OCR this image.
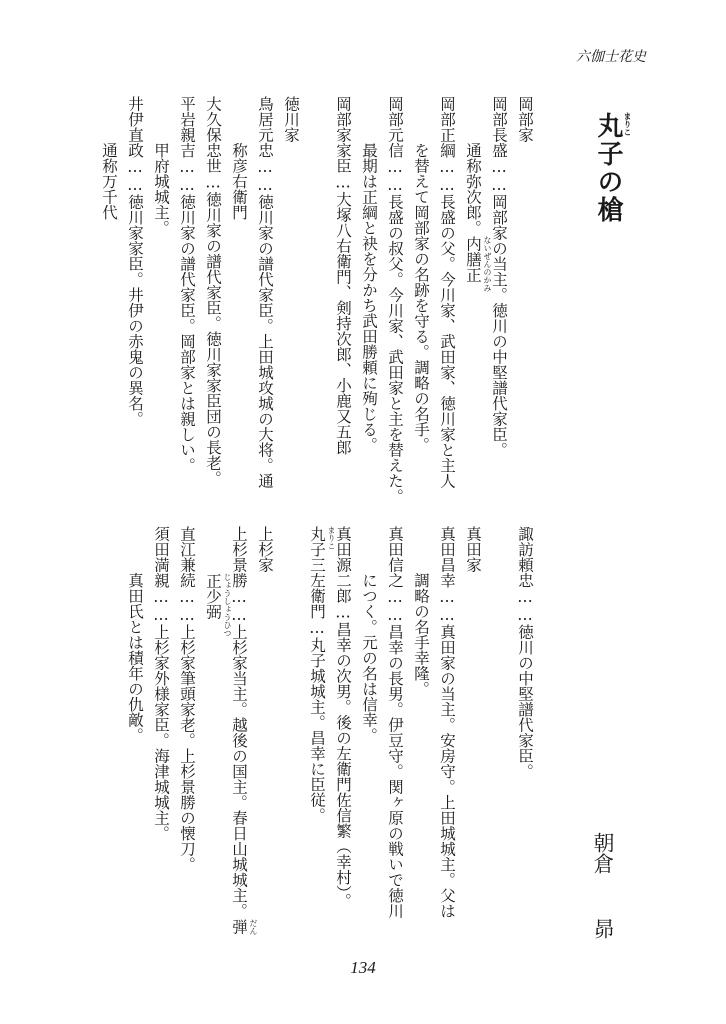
六伽士花史
丸子 まりこ
の槍
朝倉昴
岡部家
岡部長盛……岡部家の当主。徳川の中堅譜代家臣。
　　　通称弥次郎。内膳正 ないぜんのかみ
岡部正綱……長盛の父。今川家、武田家、徳川家と主人
　　　を替えて岡部家の名跡を守る。調略の名手。
岡部元信……長盛の叔父。今川家、武田家と主を替えた。
　　　最期は正綱と袂を分かち武田勝頼に殉じる。
岡部家家臣…大塚八右衛門、剣持次郎、小鹿又五郎
徳川家
鳥居元忠……徳川家の譜代家臣。上田城攻城の大将。通
　　　称彦右衛門
大久保忠世…徳川家の譜代家臣。徳川家家臣団の長老。
平岩親吉……徳川家の譜代家臣。岡部家とは親しい。
　　　甲府城城主。
井伊直政……徳川家家臣。井伊の赤鬼の異名。
　　　通称万千代
諏訪頼忠……徳川の中堅譜代家臣。
真田家
真田昌幸……真田家の当主。安房守。上田城城主。父は
　　　調略の名手幸隆。
真田信之……昌幸の長男。伊豆守。関ヶ原の戦いで徳川
　　　につく。元の名は信幸。
真田源二郎…昌幸の次男。後の左衛門佐信繁（幸村）。
丸子 まりこ
三左衛門…丸子城城主。昌幸に臣従。
上杉家
上杉景勝……上杉家当主。越後の国主。春日山城城主。弾 だん
　　　正少弼 じょうしょうひつ
直江兼続……上杉家筆頭家老。上杉景勝の懐刀。
須田満親……上杉家外様家臣。海津城城主。
　　　真田氏とは積年の仇敵。
134
